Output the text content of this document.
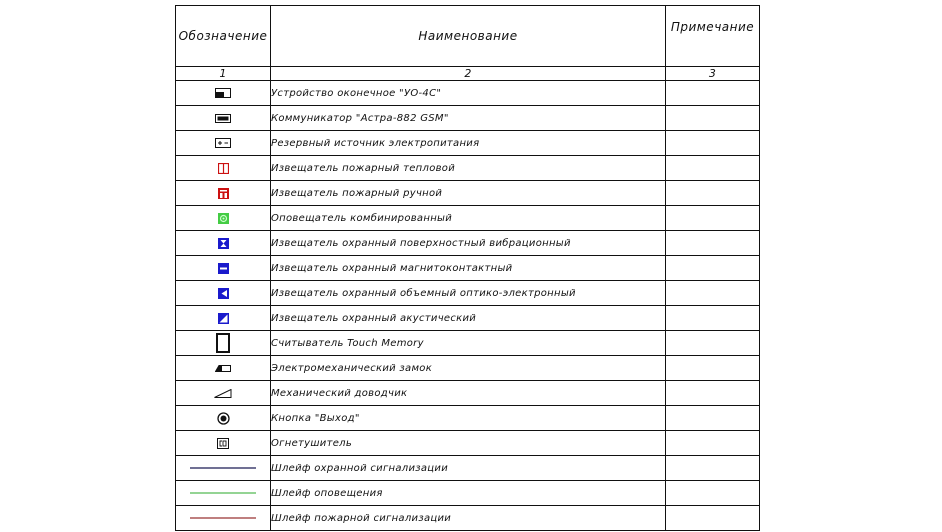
Обозначение	Наименование	Примечание
1	2	3

	Устройство оконечное "УО-4С"	

	Коммуникатор "Астра-882 GSM"	

	Резервный источник электропитания	

	Извещатель пожарный тепловой	

	Извещатель пожарный ручной	

	Оповещатель комбинированный	

	Извещатель охранный поверхностный вибрационный	

	Извещатель охранный магнитоконтактный	

	Извещатель охранный объемный оптико-электронный	

	Извещатель охранный акустический	

	Считыватель Touch Memory	

	Электромеханический замок	

	Механический доводчик	

	Кнопка "Выход"	

	Огнетушитель	

	Шлейф охранной сигнализации	

	Шлейф оповещения	

	Шлейф пожарной сигнализации	
